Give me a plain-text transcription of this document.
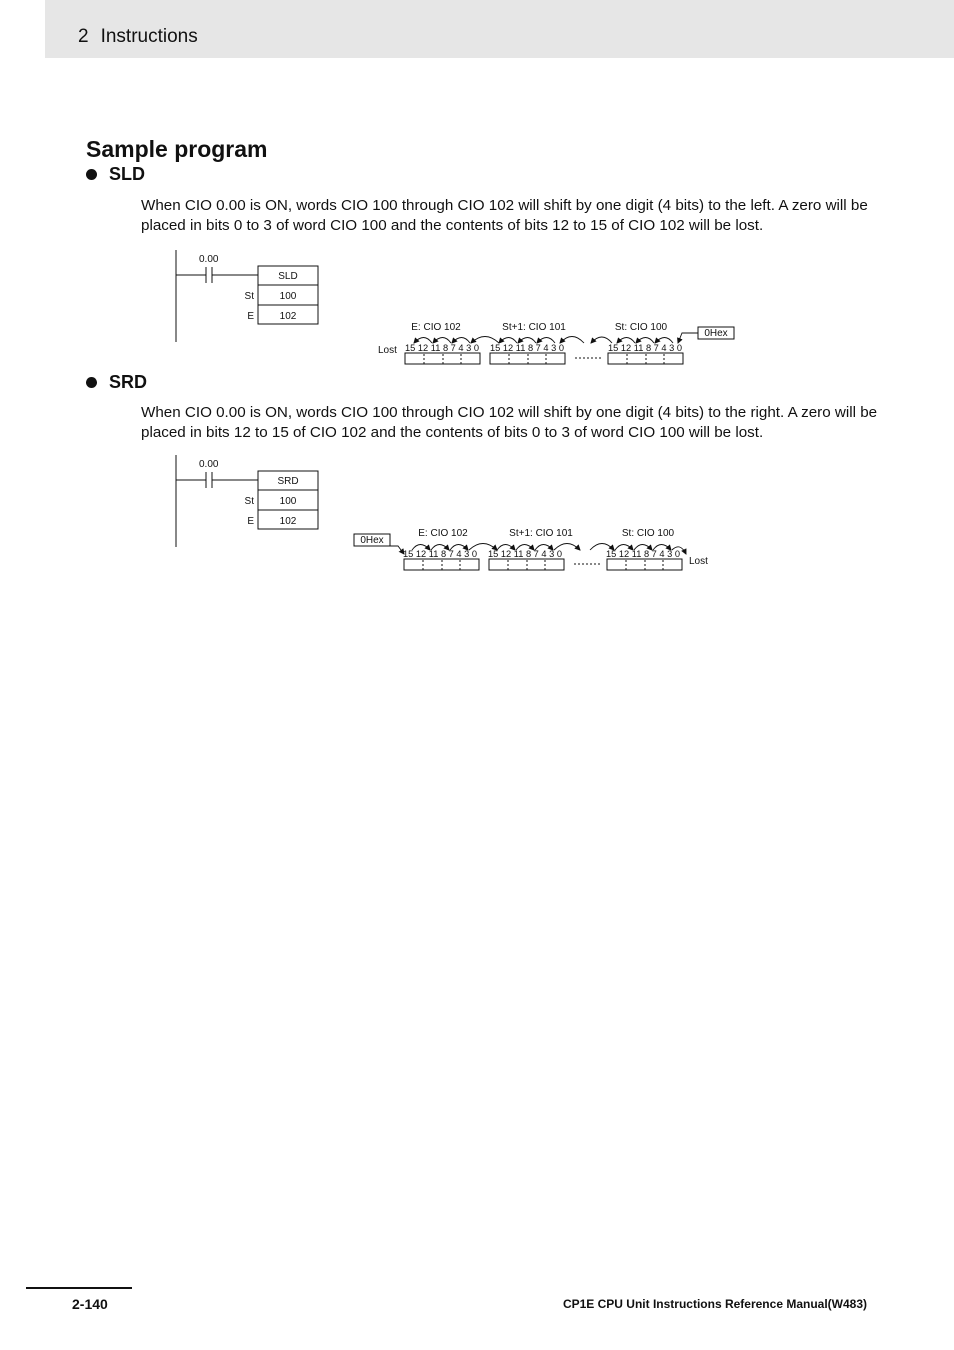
2 Instructions
Sample program
SLD

When CIO 0.00 is ON, words CIO 100 through CIO 102 will shift by one digit (4 bits) to the left. A zero will be placed in bits 0 to 3 of word CIO 100 and the contents of bits 12 to 15 of CIO 102 will be lost.

0.00
SLD
100
102
St
E
E: CIO 102	St+1: CIO 101	St: CIO 100
15 12 11 8 7 4 3 0 15 12 11 8 7 4 3 0	15 12 11 8 7 4 3 0
0Hex
Lost
SRD

When CIO 0.00 is ON, words CIO 100 through CIO 102 will shift by one digit (4 bits) to the right. A zero will be placed in bits 12 to 15 of CIO 102 and the contents of bits 0 to 3 of word CIO 100 will be lost.

0.00
SRD
100
102
St
E
E: CIO 102	St+1: CIO 101	St: CIO 100
15 12 11 8 7 4 3 0 15 12 11 8 7 4 3 0	15 12 11 8 7 4 3 0
0Hex
Lost
2-140	CP1E CPU Unit Instructions Reference Manual(W483)
